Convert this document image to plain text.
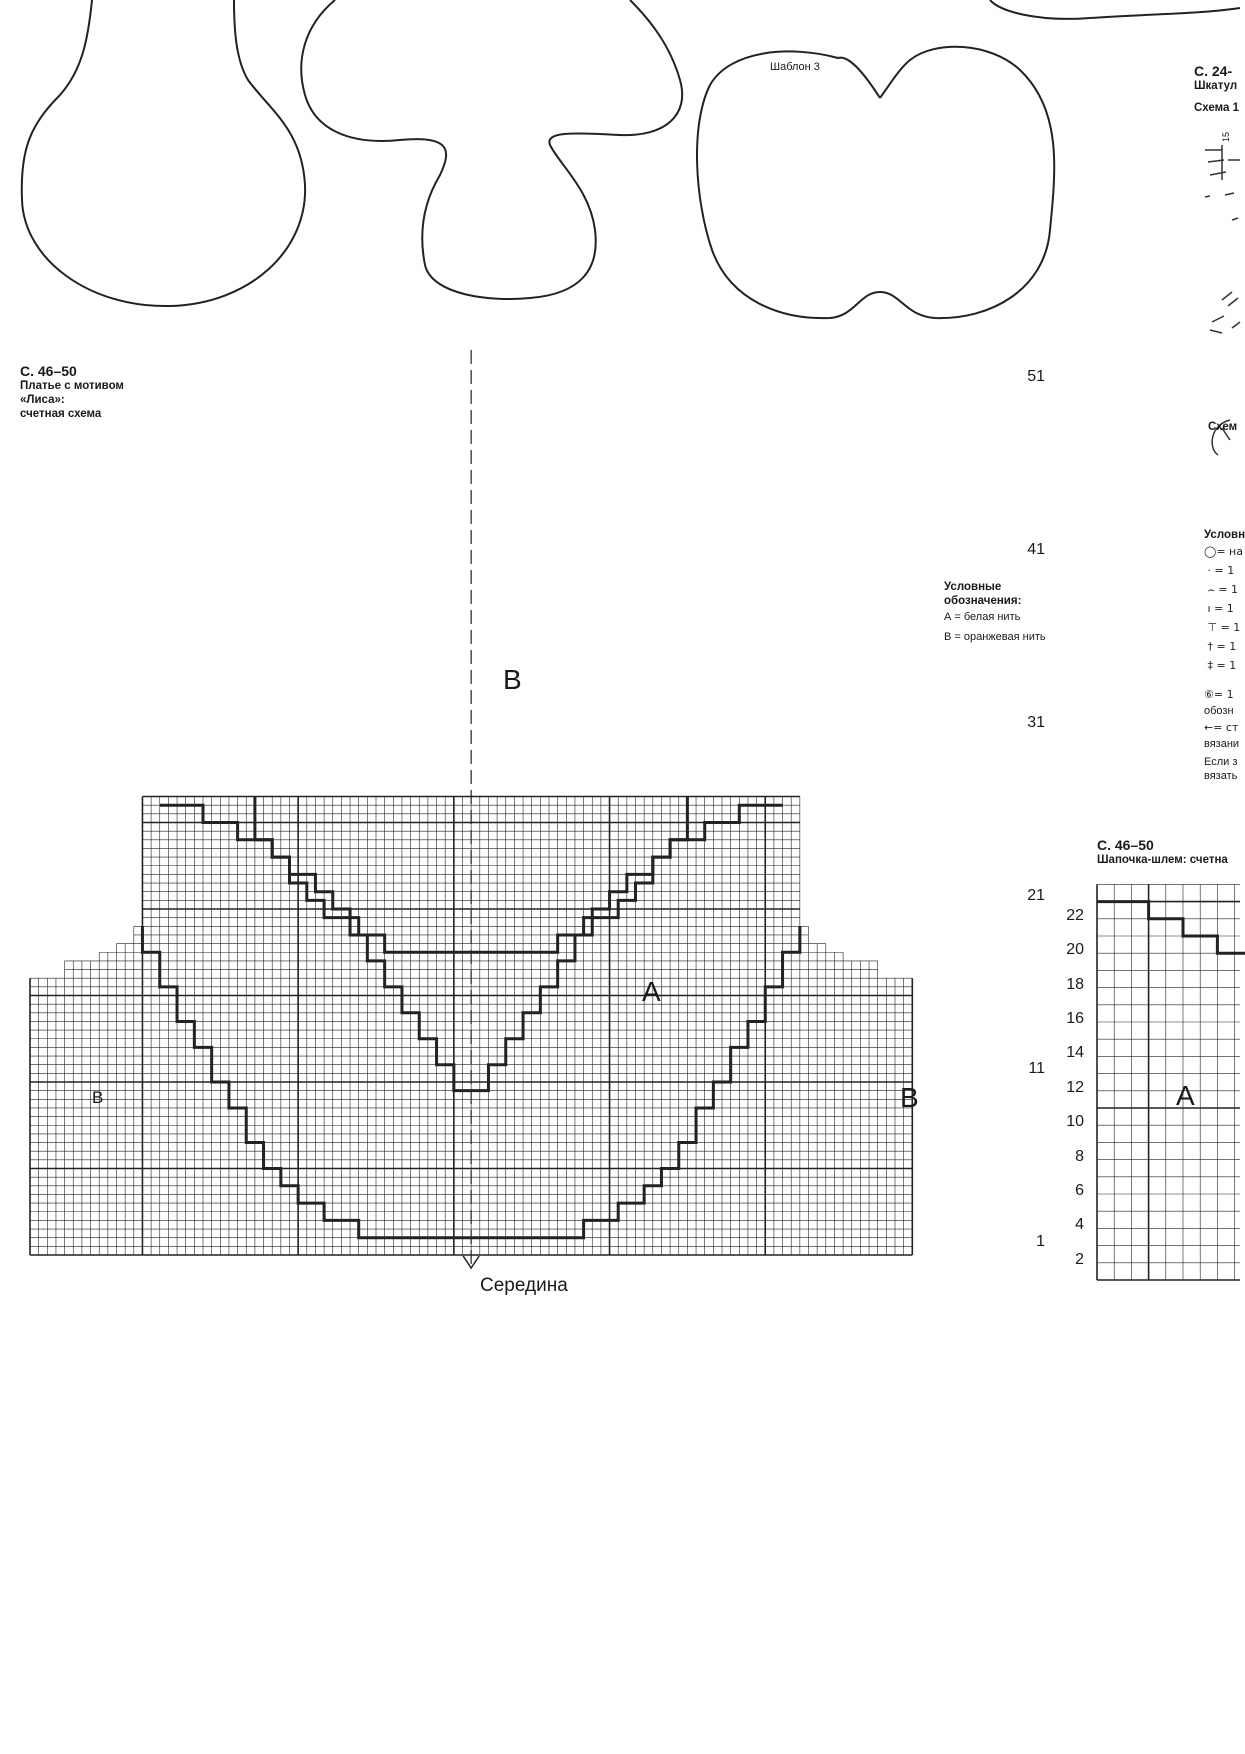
Шаблон 3
С. 46–50
Платье с мотивом
«Лиса»:
счетная схема
51
41
31
21
11
1
В
А
В	В
Середина
Условные
обозначения:
А = белая нить
В = оранжевая нить
С. 24-
Шкатул
Схема 1
15
Схем
Условн
◯= на
· = 1
⌢ = 1
ı = 1
⊤ = 1
† = 1
‡ = 1
⑥= 1
обозн
←= ст
вязани
Если з
вязать
С. 46–50
Шапочка-шлем: счетна
22
20
18
16
14
12
10
8
6
4
2
А
